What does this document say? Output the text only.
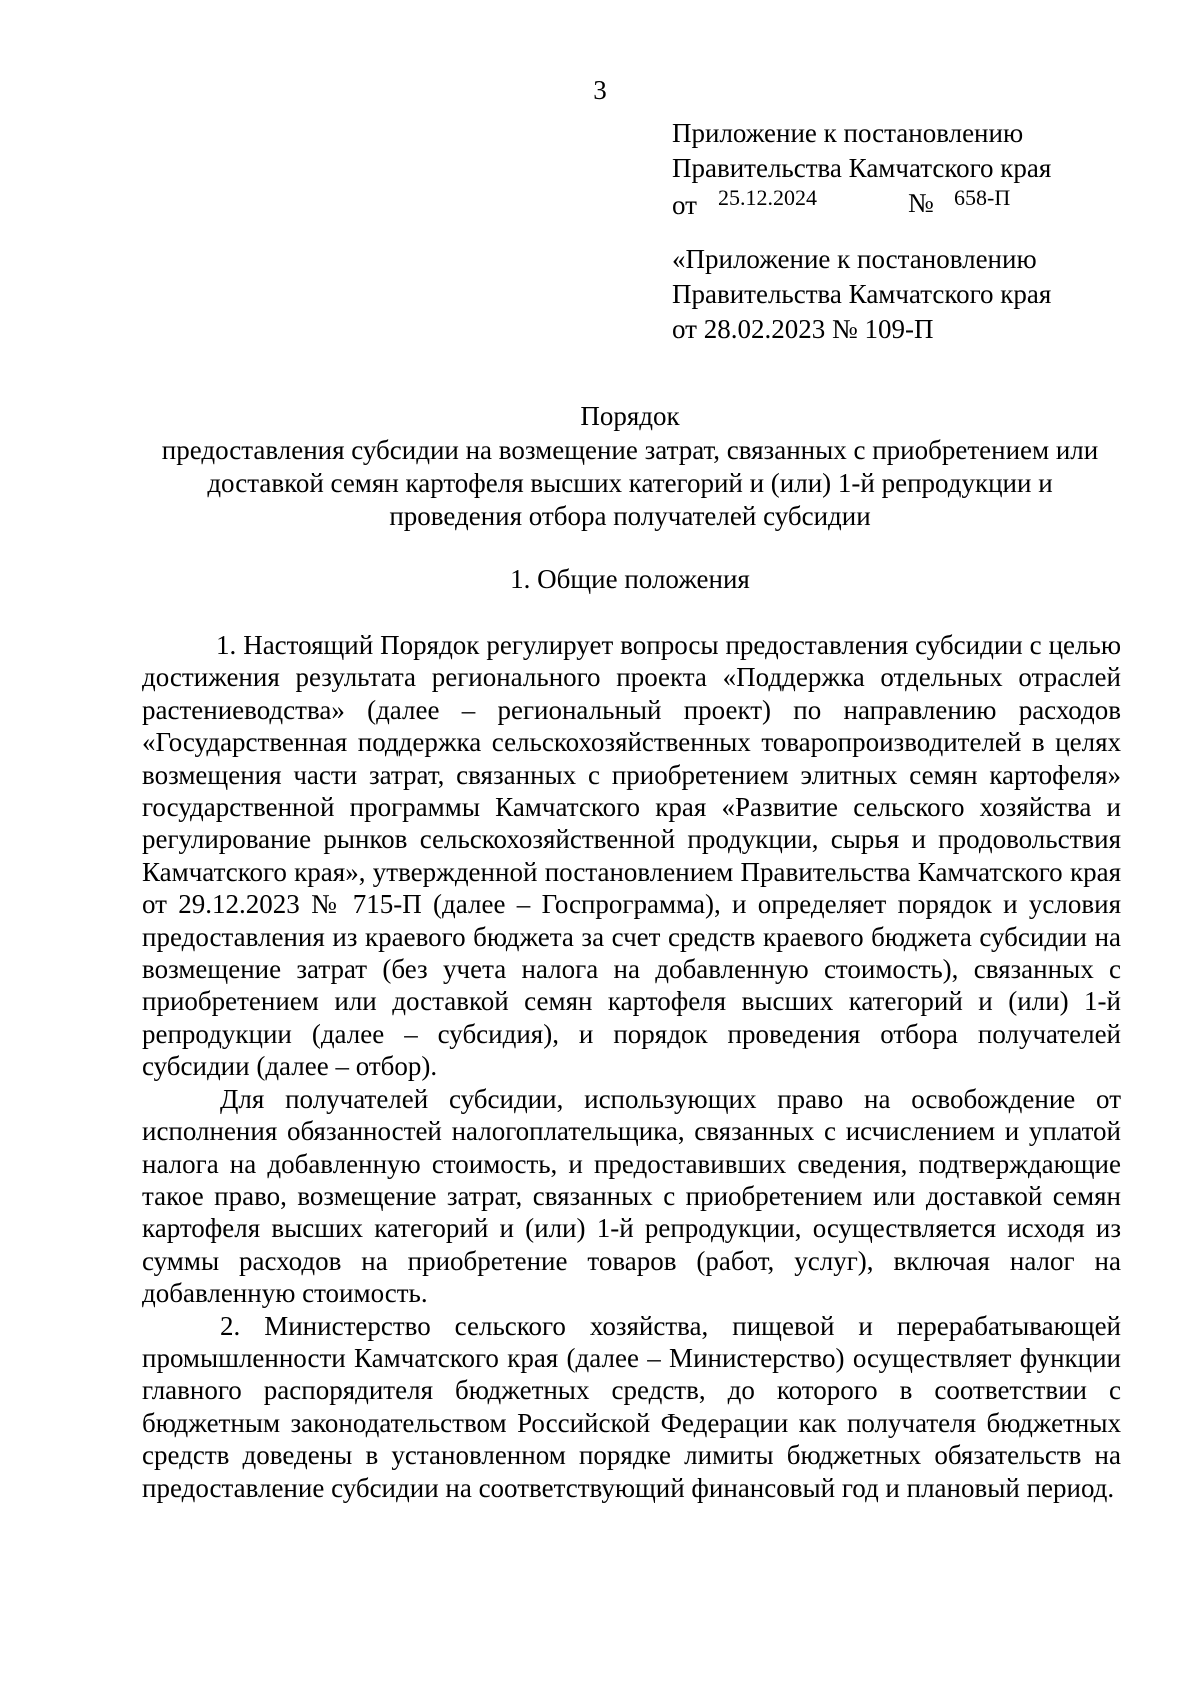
3
Приложение к постановлению
Правительства Камчатского края
от 25.12.2024	№ 658-П
«Приложение к постановлению
Правительства Камчатского края
от 28.02.2023 № 109-П
Порядок
предоставления субсидии на возмещение затрат, связанных с приобретением или доставкой семян картофеля высших категорий и (или) 1-й репродукции и проведения отбора получателей субсидии
1. Общие положения

1. Настоящий Порядок регулирует вопросы предоставления субсидии с целью достижения результата регионального проекта «Поддержка отдельных отраслей растениеводства» (далее – региональный проект) по направлению расходов «Государственная поддержка сельскохозяйственных товаропроизводителей в целях возмещения части затрат, связанных с приобретением элитных семян картофеля» государственной программы Камчатского края «Развитие сельского хозяйства и регулирование рынков сельскохозяйственной продукции, сырья и продовольствия Камчатского края», утвержденной постановлением Правительства Камчатского края от 29.12.2023 № 715-П (далее – Госпрограмма), и определяет порядок и условия предоставления из краевого бюджета за счет средств краевого бюджета субсидии на возмещение затрат (без учета налога на добавленную стоимость), связанных с приобретением или доставкой семян картофеля высших категорий и (или) 1-й репродукции (далее – субсидия), и порядок проведения отбора получателей субсидии (далее – отбор).

Для получателей субсидии, использующих право на освобождение от исполнения обязанностей налогоплательщика, связанных с исчислением и уплатой налога на добавленную стоимость, и предоставивших сведения, подтверждающие такое право, возмещение затрат, связанных с приобретением или доставкой семян картофеля высших категорий и (или) 1-й репродукции, осуществляется исходя из суммы расходов на приобретение товаров (работ, услуг), включая налог на добавленную стоимость.

2. Министерство сельского хозяйства, пищевой и перерабатывающей промышленности Камчатского края (далее – Министерство) осуществляет функции главного распорядителя бюджетных средств, до которого в соответствии с бюджетным законодательством Российской Федерации как получателя бюджетных средств доведены в установленном порядке лимиты бюджетных обязательств на предоставление субсидии на соответствующий финансовый год и плановый период.
